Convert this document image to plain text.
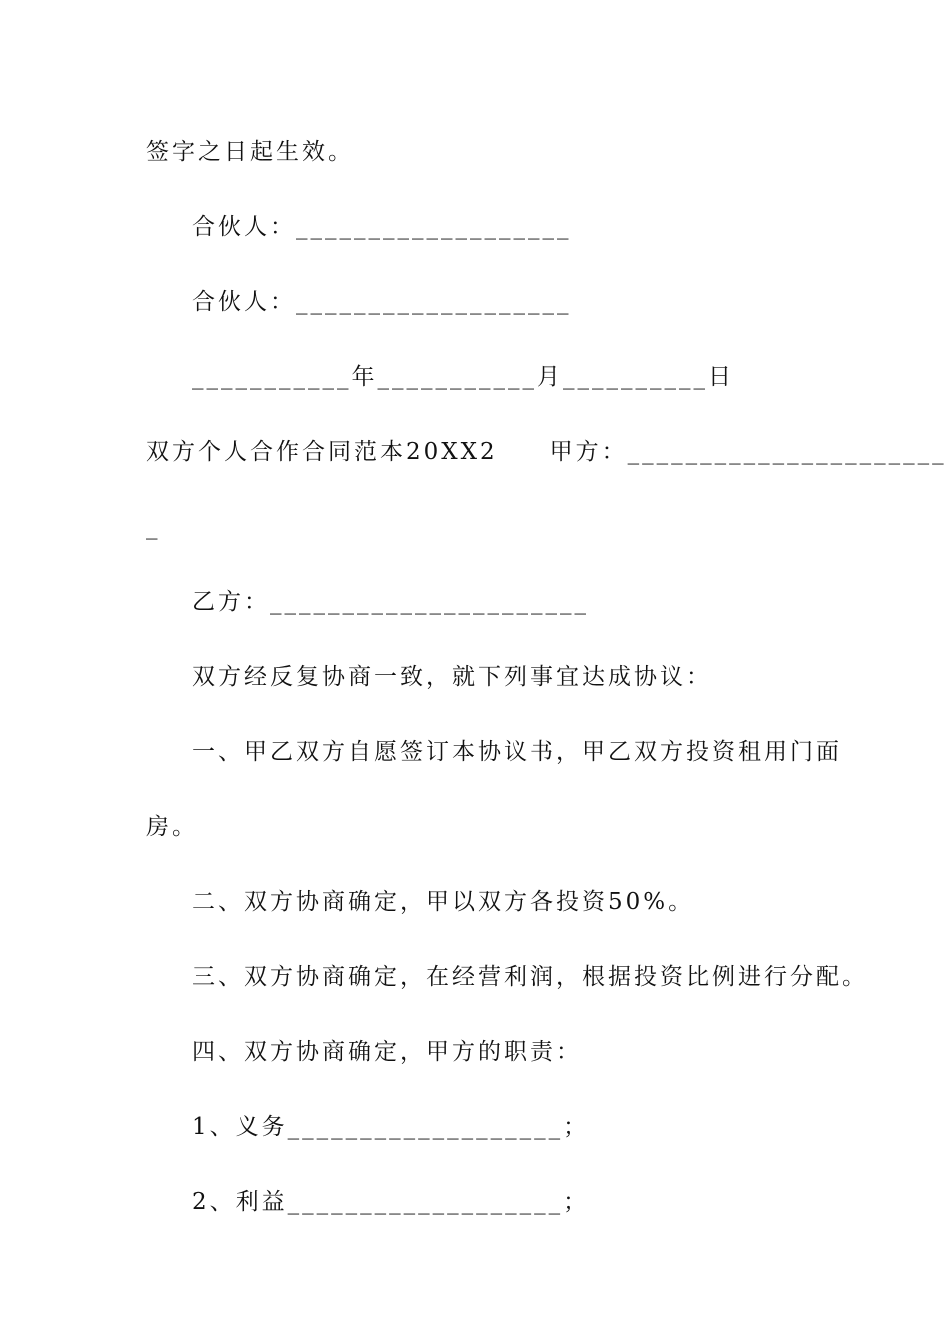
签字之日起生效。
合伙人：___________________
合伙人：___________________
___________年___________月__________日
双方个人合作合同范本20XX2　　甲方：______________________
_
乙方：______________________
双方经反复协商一致，就下列事宜达成协议：
一、甲乙双方自愿签订本协议书，甲乙双方投资租用门面
房。
二、双方协商确定，甲以双方各投资50%。
三、双方协商确定，在经营利润，根据投资比例进行分配。
四、双方协商确定，甲方的职责：
1、义务___________________；
2、利益___________________；
